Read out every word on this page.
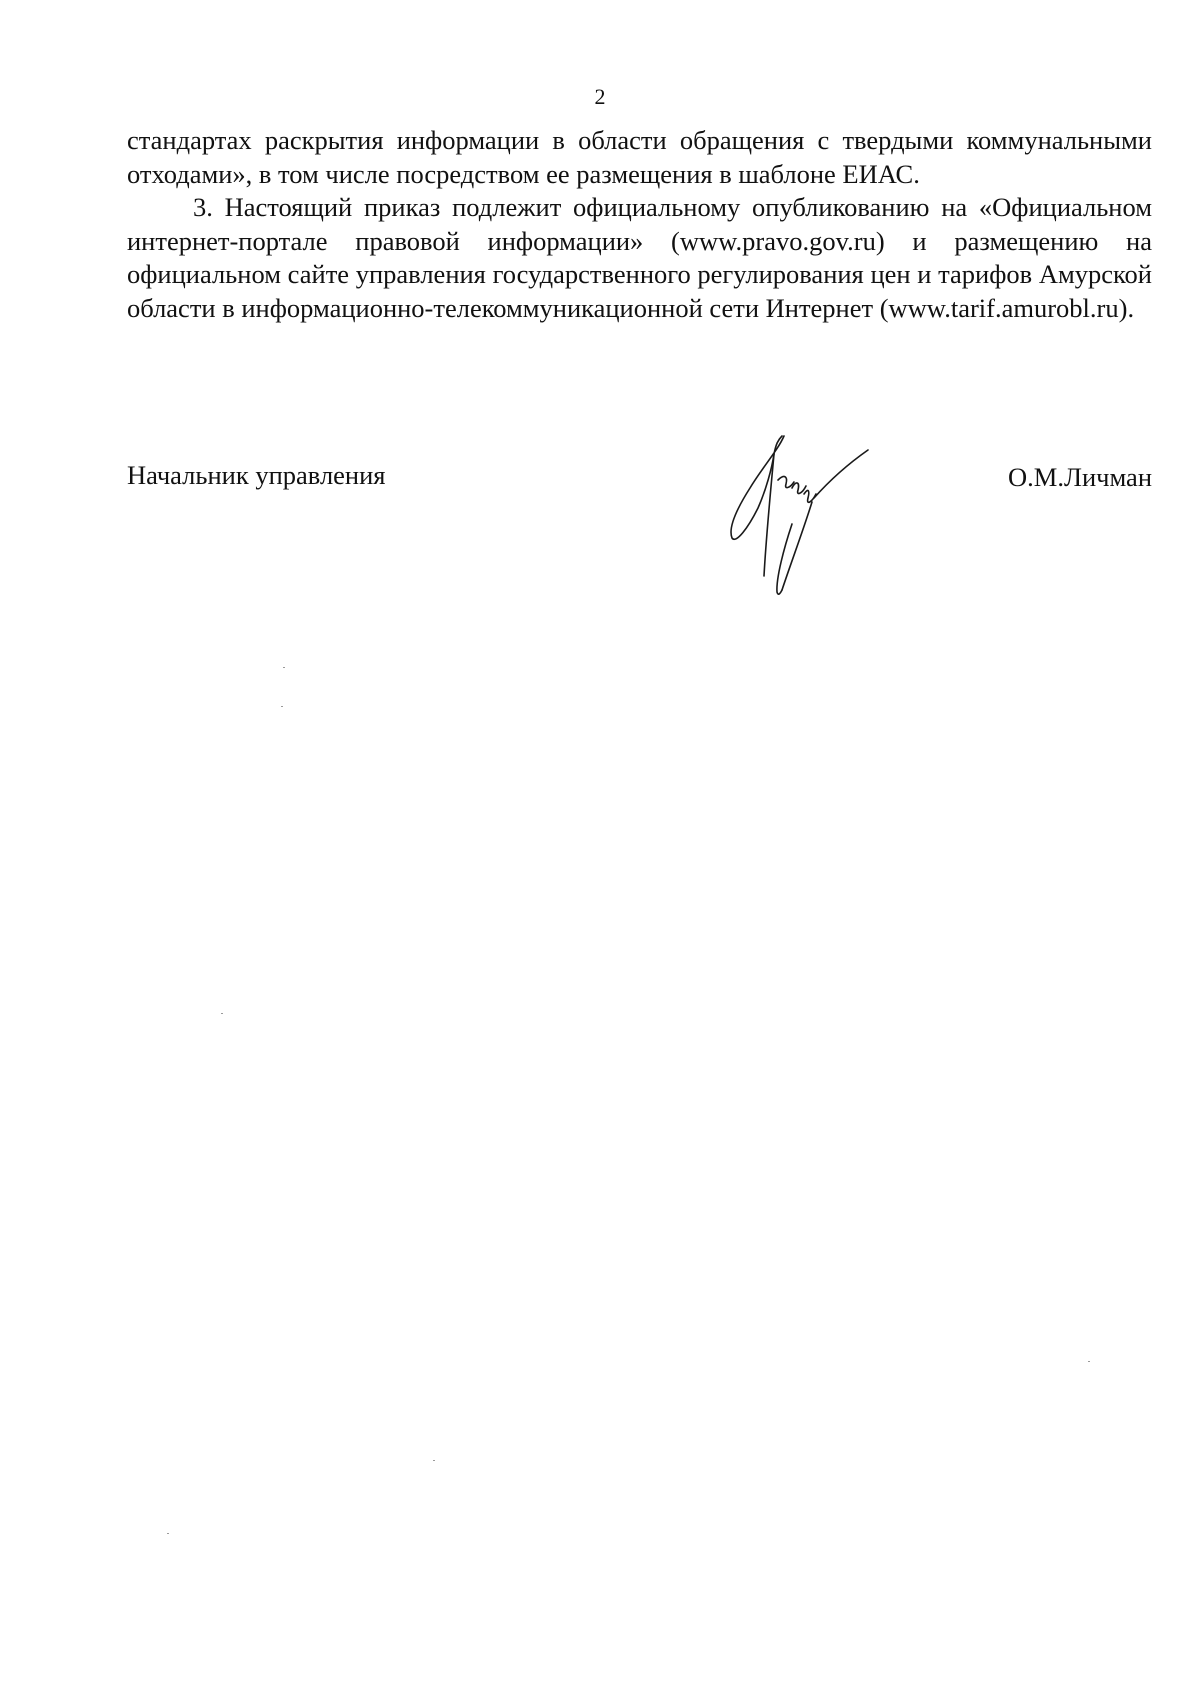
2

стандартах раскрытия информации в области обращения с твердыми коммунальными отходами», в том числе посредством ее размещения в шаблоне ЕИАС.

3. Настоящий приказ подлежит официальному опубликованию на «Официальном интернет-портале правовой информации» (www.pravo.gov.ru) и размещению на официальном сайте управления государственного регулирования цен и тарифов Амурской области в информационно-телекоммуникационной сети Интернет (www.tarif.amurobl.ru).

Начальник управления	О.М.Личман
